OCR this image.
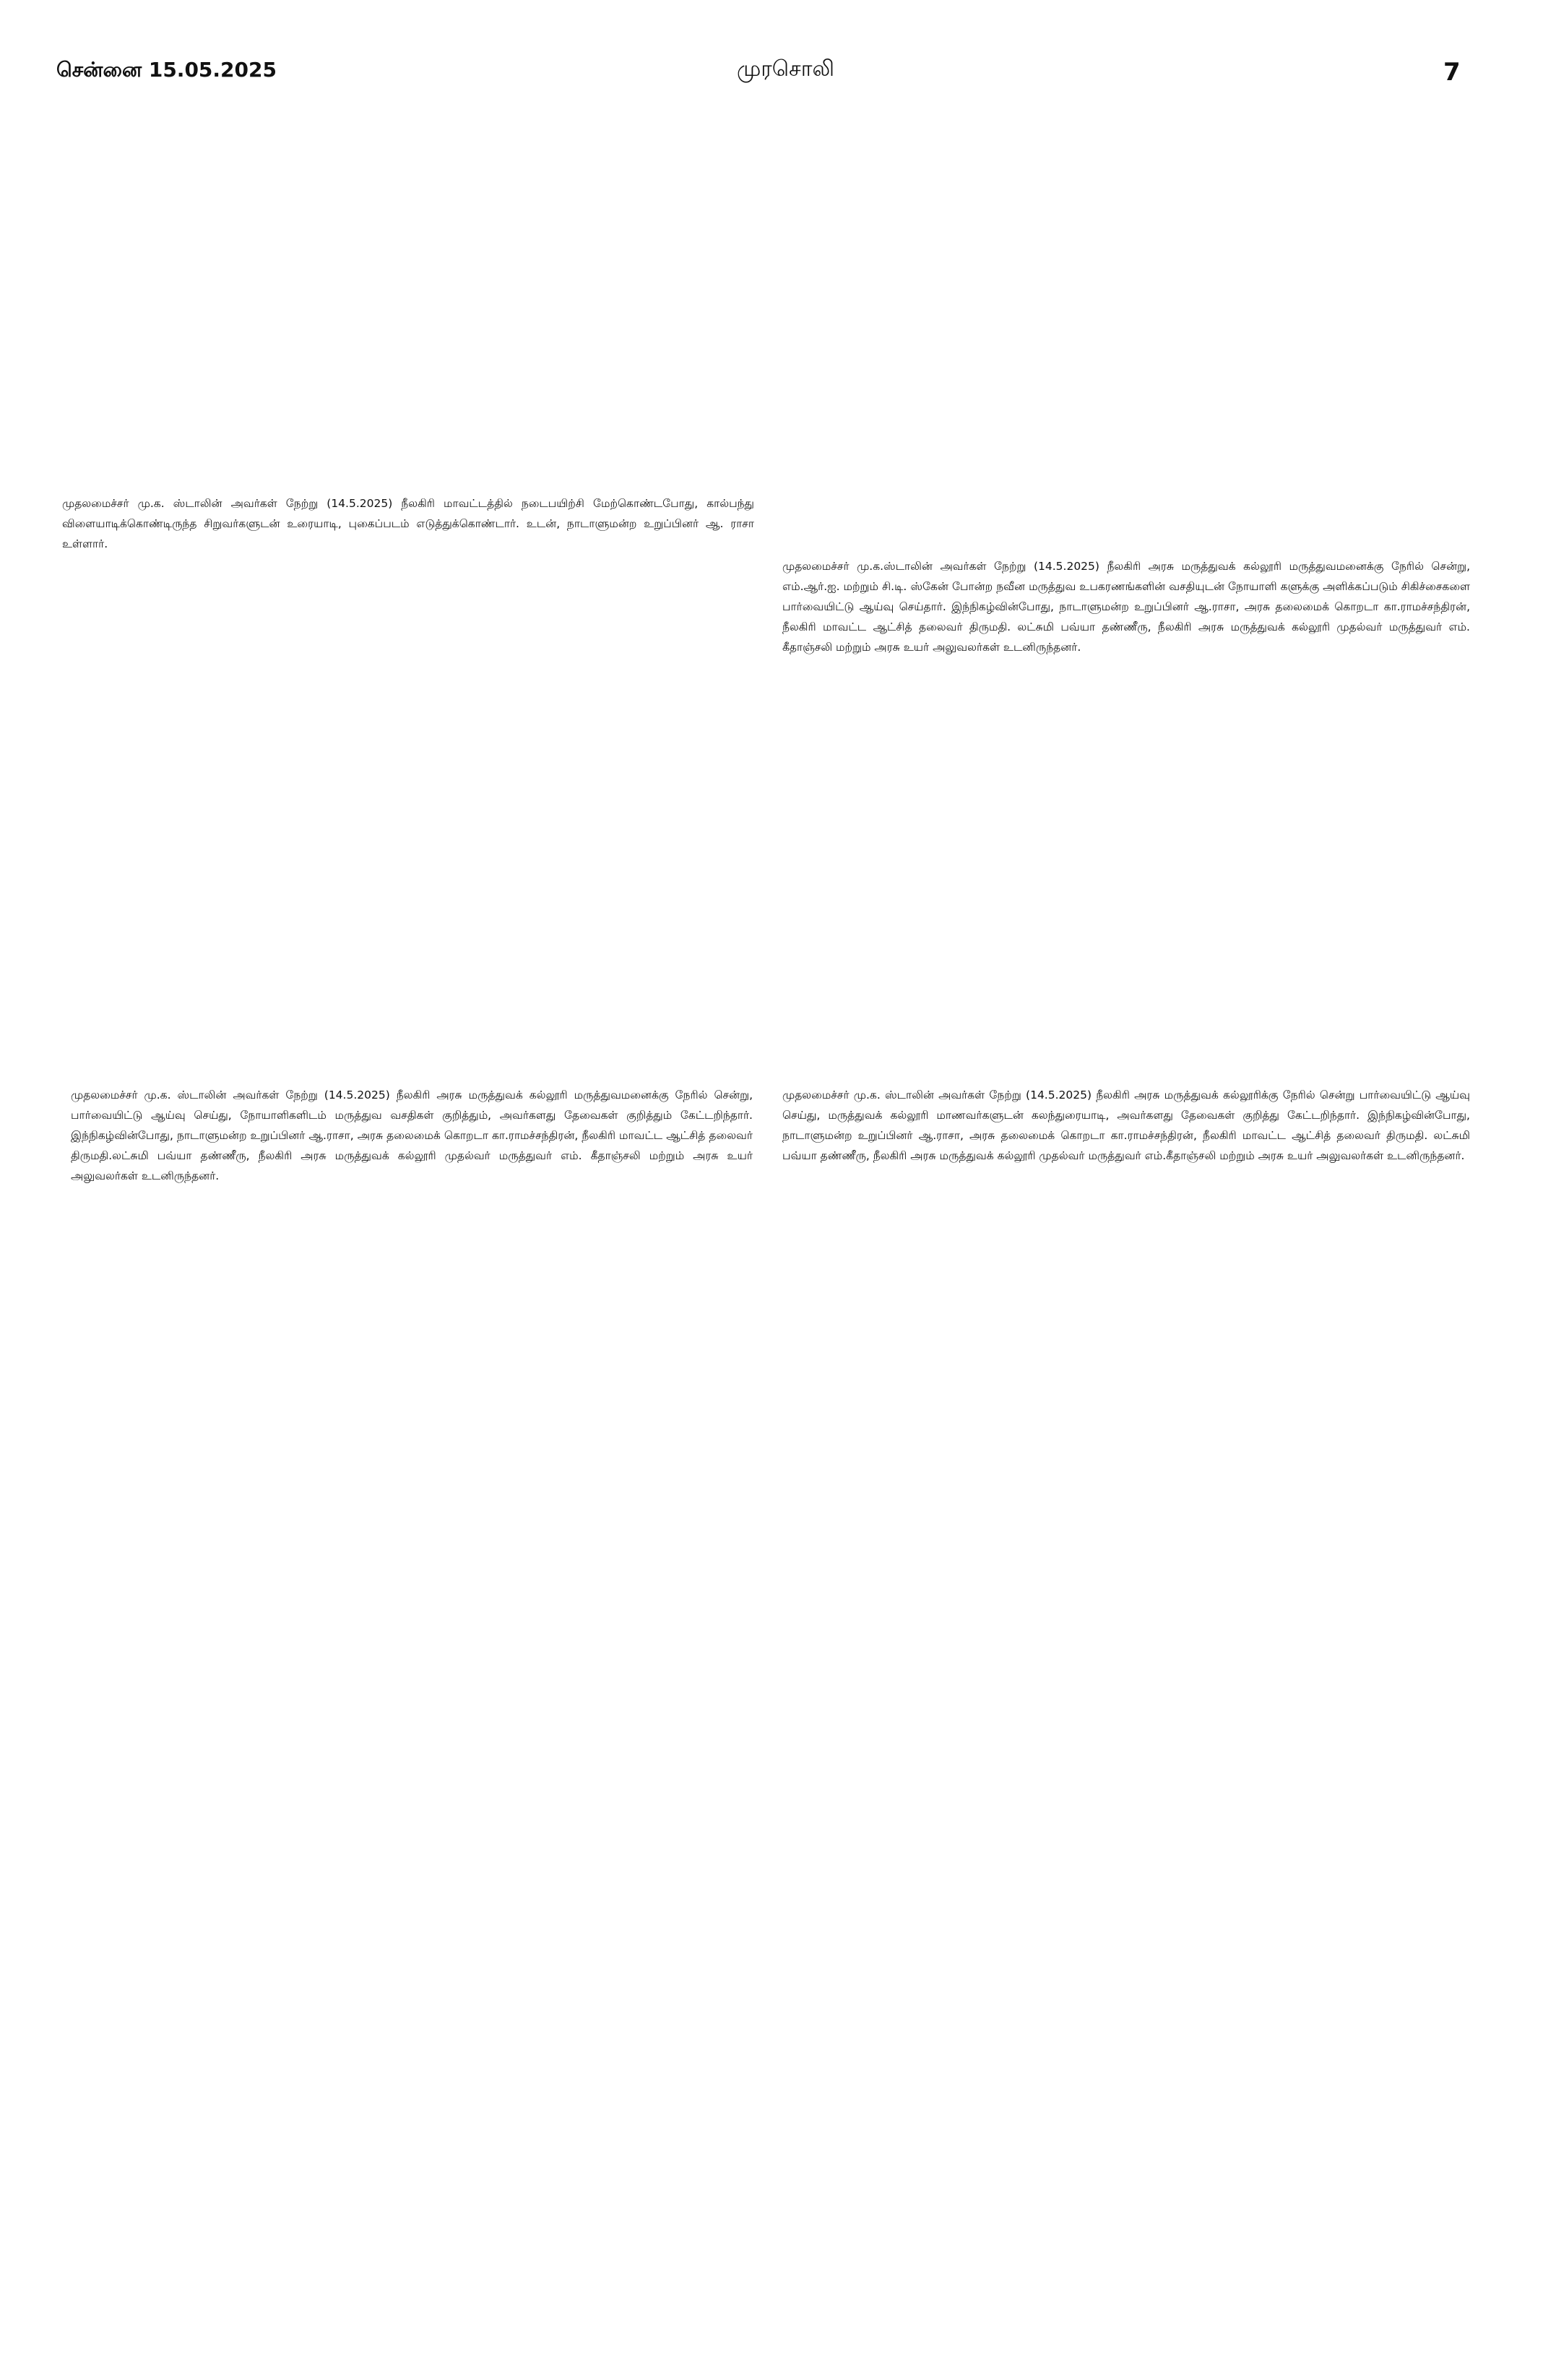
சென்னை 15.05.2025	முரசொலி	7
முதலமைச்சர் மு.க. ஸ்டாலின் அவர்கள் நேற்று (14.5.2025) நீலகிரி மாவட்டத்தில் நடைபயிற்சி மேற்கொண்டபோது, கால்பந்து விளையாடிக்கொண்டிருந்த சிறுவர்களுடன் உரையாடி, புகைப்படம் எடுத்துக்கொண்டார். உடன், நாடாளுமன்ற உறுப்பினர் ஆ. ராசா உள்ளார்.
முதலமைச்சர் மு.க.ஸ்டாலின் அவர்கள் நேற்று (14.5.2025) நீலகிரி அரசு மருத்துவக் கல்லூரி மருத்துவமனைக்கு நேரில் சென்று, எம்.ஆர்.ஐ. மற்றும் சி.டி. ஸ்கேன் போன்ற நவீன மருத்துவ உபகரணங்களின் வசதியுடன் நோயாளி களுக்கு அளிக்கப்படும் சிகிச்சைகளை பார்வையிட்டு ஆய்வு செய்தார். இந்நிகழ்வின்போது, நாடாளுமன்ற உறுப்பினர் ஆ.ராசா, அரசு தலைமைக் கொறடா கா.ராமச்சந்திரன், நீலகிரி மாவட்ட ஆட்சித் தலைவர் திருமதி. லட்சுமி பவ்யா தண்ணீரு, நீலகிரி அரசு மருத்துவக் கல்லூரி முதல்வர் மருத்துவர் எம். கீதாஞ்சலி மற்றும் அரசு உயர் அலுவலர்கள் உடனிருந்தனர்.
முதலமைச்சர் மு.க. ஸ்டாலின் அவர்கள் நேற்று (14.5.2025) நீலகிரி அரசு மருத்துவக் கல்லூரி மருத்துவமனைக்கு நேரில் சென்று, பார்வையிட்டு ஆய்வு செய்து, நோயாளிகளிடம் மருத்துவ வசதிகள் குறித்தும், அவர்களது தேவைகள் குறித்தும் கேட்டறிந்தார். இந்நிகழ்வின்போது, நாடாளுமன்ற உறுப்பினர் ஆ.ராசா, அரசு தலைமைக் கொறடா கா.ராமச்சந்திரன், நீலகிரி மாவட்ட ஆட்சித் தலைவர் திருமதி.லட்சுமி பவ்யா தண்ணீரு, நீலகிரி அரசு மருத்துவக் கல்லூரி முதல்வர் மருத்துவர் எம். கீதாஞ்சலி மற்றும் அரசு உயர் அலுவலர்கள் உடனிருந்தனர்.
முதலமைச்சர் மு.க. ஸ்டாலின் அவர்கள் நேற்று (14.5.2025) நீலகிரி அரசு மருத்துவக் கல்லூரிக்கு நேரில் சென்று பார்வையிட்டு ஆய்வு செய்து, மருத்துவக் கல்லூரி மாணவர்களுடன் கலந்துரையாடி, அவர்களது தேவைகள் குறித்து கேட்டறிந்தார். இந்நிகழ்வின்போது, நாடாளுமன்ற உறுப்பினர் ஆ.ராசா, அரசு தலைமைக் கொறடா கா.ராமச்சந்திரன், நீலகிரி மாவட்ட ஆட்சித் தலைவர் திருமதி. லட்சுமி பவ்யா தண்ணீரு, நீலகிரி அரசு மருத்துவக் கல்லூரி முதல்வர் மருத்துவர் எம்.கீதாஞ்சலி மற்றும் அரசு உயர் அலுவலர்கள் உடனிருந்தனர்.
